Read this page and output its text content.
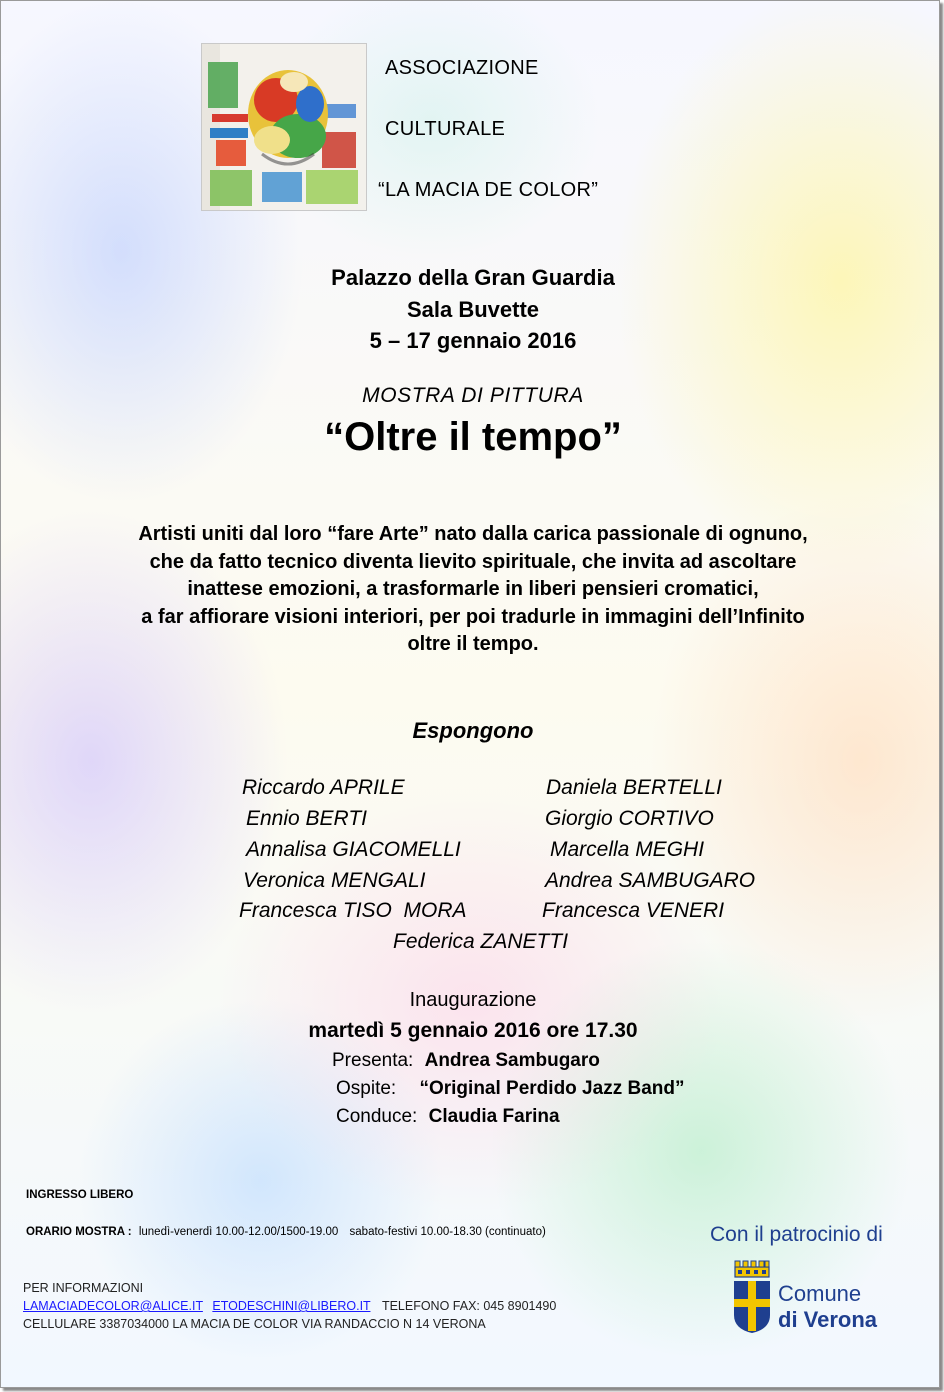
ASSOCIAZIONE
CULTURALE
“LA MACIA DE COLOR”
Palazzo della Gran Guardia
Sala Buvette
5 – 17 gennaio 2016
MOSTRA DI PITTURA
“Oltre il tempo”
Artisti uniti dal loro “fare Arte” nato dalla carica passionale di ognuno,
che da fatto tecnico diventa lievito spirituale, che invita ad ascoltare
inattese emozioni, a trasformarle in liberi pensieri cromatici,
a far affiorare visioni interiori, per poi tradurle in immagini dell’Infinito
oltre il tempo.
Espongono
Riccardo APRILE	Daniela BERTELLI
Ennio BERTI	Giorgio CORTIVO
Annalisa GIACOMELLI	Marcella MEGHI
Veronica MENGALI	Andrea SAMBUGARO
Francesca TISO  MORA	Francesca VENERI
Federica ZANETTI
Inaugurazione
martedì 5 gennaio 2016 ore 17.30
Presenta: Andrea Sambugaro
Ospite: “Original Perdido Jazz Band”
Conduce: Claudia Farina
INGRESSO LIBERO
ORARIO MOSTRA : lunedì-venerdì 10.00-12.00/1500-19.00 sabato-festivi 10.00-18.30 (continuato)
PER INFORMAZIONI
LAMACIADECOLOR@ALICE.IT ETODESCHINI@LIBERO.IT TELEFONO FAX: 045 8901490
CELLULARE 3387034000 LA MACIA DE COLOR VIA RANDACCIO N 14 VERONA
Con il patrocinio di
Comune
di Verona
